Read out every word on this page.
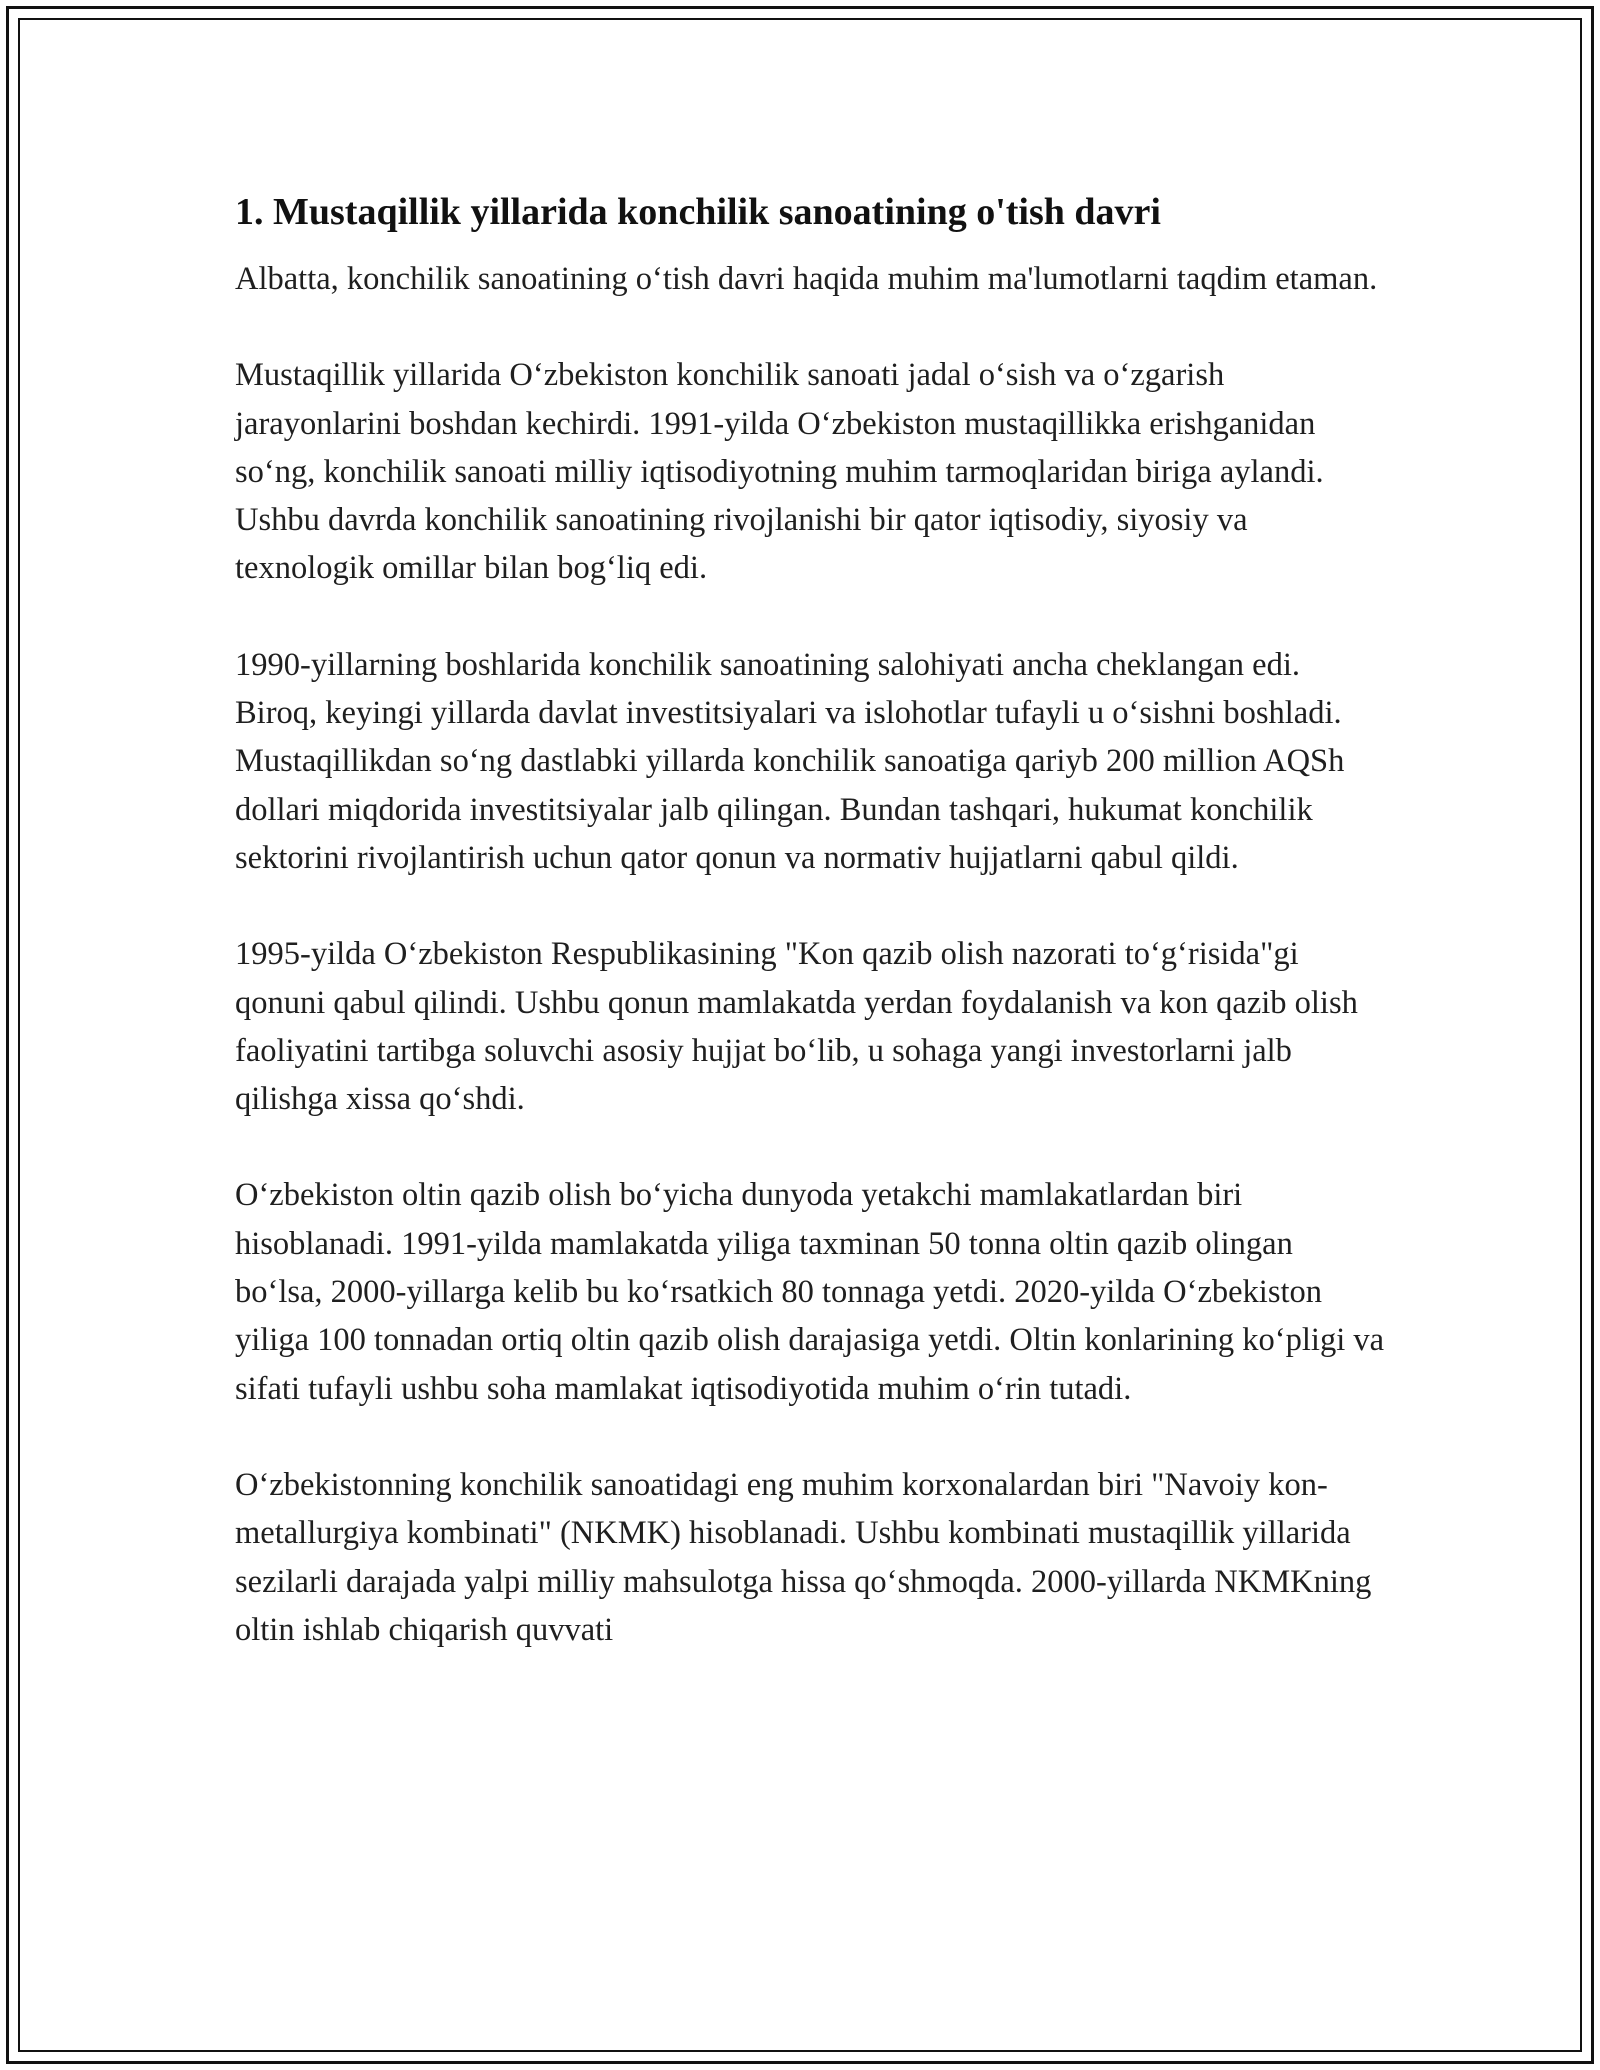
1. Mustaqillik yillarida konchilik sanoatining o'tish davri

Albatta, konchilik sanoatining o‘tish davri haqida muhim ma'lumotlarni taqdim etaman.

Mustaqillik yillarida O‘zbekiston konchilik sanoati jadal o‘sish va o‘zgarish jarayonlarini boshdan kechirdi. 1991-yilda O‘zbekiston mustaqillikka erishganidan so‘ng, konchilik sanoati milliy iqtisodiyotning muhim tarmoqlaridan biriga aylandi. Ushbu davrda konchilik sanoatining rivojlanishi bir qator iqtisodiy, siyosiy va texnologik omillar bilan bog‘liq edi.

1990-yillarning boshlarida konchilik sanoatining salohiyati ancha cheklangan edi. Biroq, keyingi yillarda davlat investitsiyalari va islohotlar tufayli u o‘sishni boshladi. Mustaqillikdan so‘ng dastlabki yillarda konchilik sanoatiga qariyb 200 million AQSh dollari miqdorida investitsiyalar jalb qilingan. Bundan tashqari, hukumat konchilik sektorini rivojlantirish uchun qator qonun va normativ hujjatlarni qabul qildi.

1995-yilda O‘zbekiston Respublikasining "Kon qazib olish nazorati to‘g‘risida"gi qonuni qabul qilindi. Ushbu qonun mamlakatda yerdan foydalanish va kon qazib olish faoliyatini tartibga soluvchi asosiy hujjat bo‘lib, u sohaga yangi investorlarni jalb qilishga xissa qo‘shdi.

O‘zbekiston oltin qazib olish bo‘yicha dunyoda yetakchi mamlakatlardan biri hisoblanadi. 1991-yilda mamlakatda yiliga taxminan 50 tonna oltin qazib olingan bo‘lsa, 2000-yillarga kelib bu ko‘rsatkich 80 tonnaga yetdi. 2020-yilda O‘zbekiston yiliga 100 tonnadan ortiq oltin qazib olish darajasiga yetdi. Oltin konlarining ko‘pligi va sifati tufayli ushbu soha mamlakat iqtisodiyotida muhim o‘rin tutadi.

O‘zbekistonning konchilik sanoatidagi eng muhim korxonalardan biri "Navoiy kon-metallurgiya kombinati" (NKMK) hisoblanadi. Ushbu kombinati mustaqillik yillarida sezilarli darajada yalpi milliy mahsulotga hissa qo‘shmoqda. 2000-yillarda NKMKning oltin ishlab chiqarish quvvati
